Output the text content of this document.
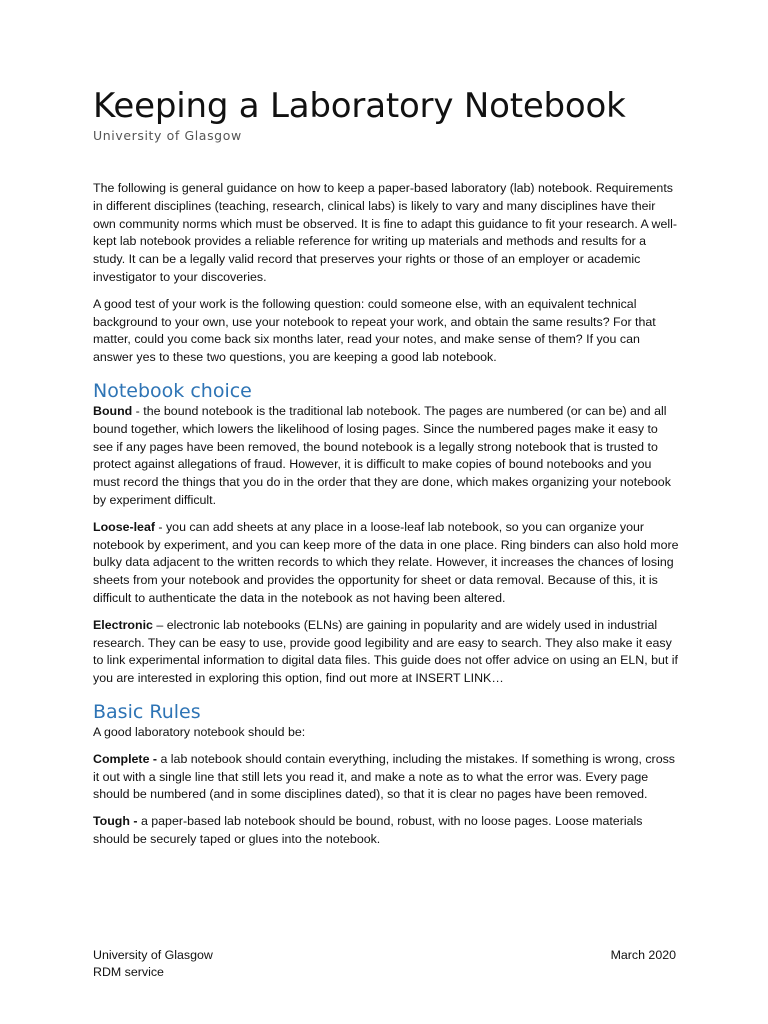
Keeping a Laboratory Notebook
University of Glasgow

The following is general guidance on how to keep a paper-based laboratory (lab) notebook. Requirements in different disciplines (teaching, research, clinical labs) is likely to vary and many disciplines have their own community norms which must be observed. It is fine to adapt this guidance to fit your research. A well-kept lab notebook provides a reliable reference for writing up materials and methods and results for a study. It can be a legally valid record that preserves your rights or those of an employer or academic investigator to your discoveries.

A good test of your work is the following question: could someone else, with an equivalent technical background to your own, use your notebook to repeat your work, and obtain the same results? For that matter, could you come back six months later, read your notes, and make sense of them? If you can answer yes to these two questions, you are keeping a good lab notebook.

Notebook choice

Bound - the bound notebook is the traditional lab notebook. The pages are numbered (or can be) and all bound together, which lowers the likelihood of losing pages. Since the numbered pages make it easy to see if any pages have been removed, the bound notebook is a legally strong notebook that is trusted to protect against allegations of fraud. However, it is difficult to make copies of bound notebooks and you must record the things that you do in the order that they are done, which makes organizing your notebook by experiment difficult.

Loose-leaf - you can add sheets at any place in a loose-leaf lab notebook, so you can organize your notebook by experiment, and you can keep more of the data in one place. Ring binders can also hold more bulky data adjacent to the written records to which they relate. However, it increases the chances of losing sheets from your notebook and provides the opportunity for sheet or data removal. Because of this, it is difficult to authenticate the data in the notebook as not having been altered.

Electronic – electronic lab notebooks (ELNs) are gaining in popularity and are widely used in industrial research. They can be easy to use, provide good legibility and are easy to search. They also make it easy to link experimental information to digital data files. This guide does not offer advice on using an ELN, but if you are interested in exploring this option, find out more at INSERT LINK…

Basic Rules

A good laboratory notebook should be:

Complete - a lab notebook should contain everything, including the mistakes. If something is wrong, cross it out with a single line that still lets you read it, and make a note as to what the error was. Every page should be numbered (and in some disciplines dated), so that it is clear no pages have been removed.

Tough - a paper-based lab notebook should be bound, robust, with no loose pages. Loose materials should be securely taped or glues into the notebook.

University of Glasgow
RDM service
March 2020
